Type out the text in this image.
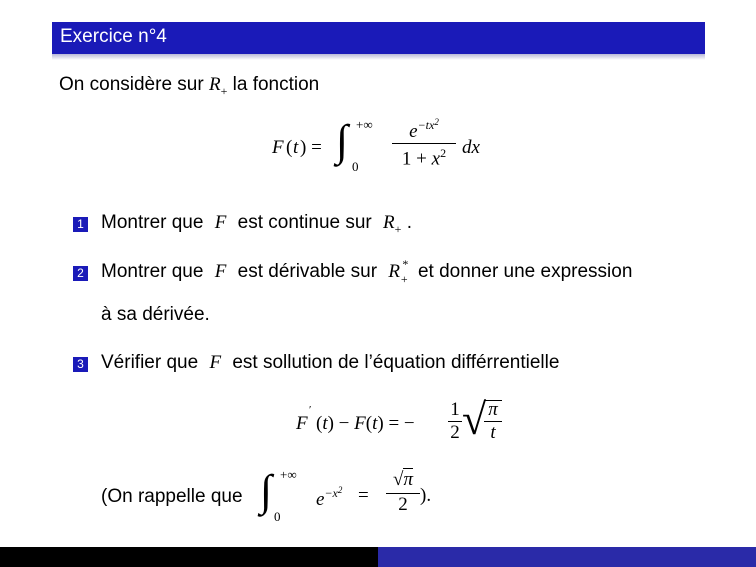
Exercice n°4
On considère sur $R_+$ la fonction
F ( t ) = ∫ +∞
0
$e^{-tx^2}$
$1 + x^2$ dx
1 Montrer que F est continue sur $R_+$ .
2 Montrer que F est dérivable sur R *
$_+$ et donner une expression
à sa dérivée.
3 Vérifier que F est sollution de l’équation différrentielle
F
′
(t) − F(t) = −
1
2 √ π
t
(On rappelle que ∫ +∞
0
$e^{-x^2}$ =
√π
2 ).
